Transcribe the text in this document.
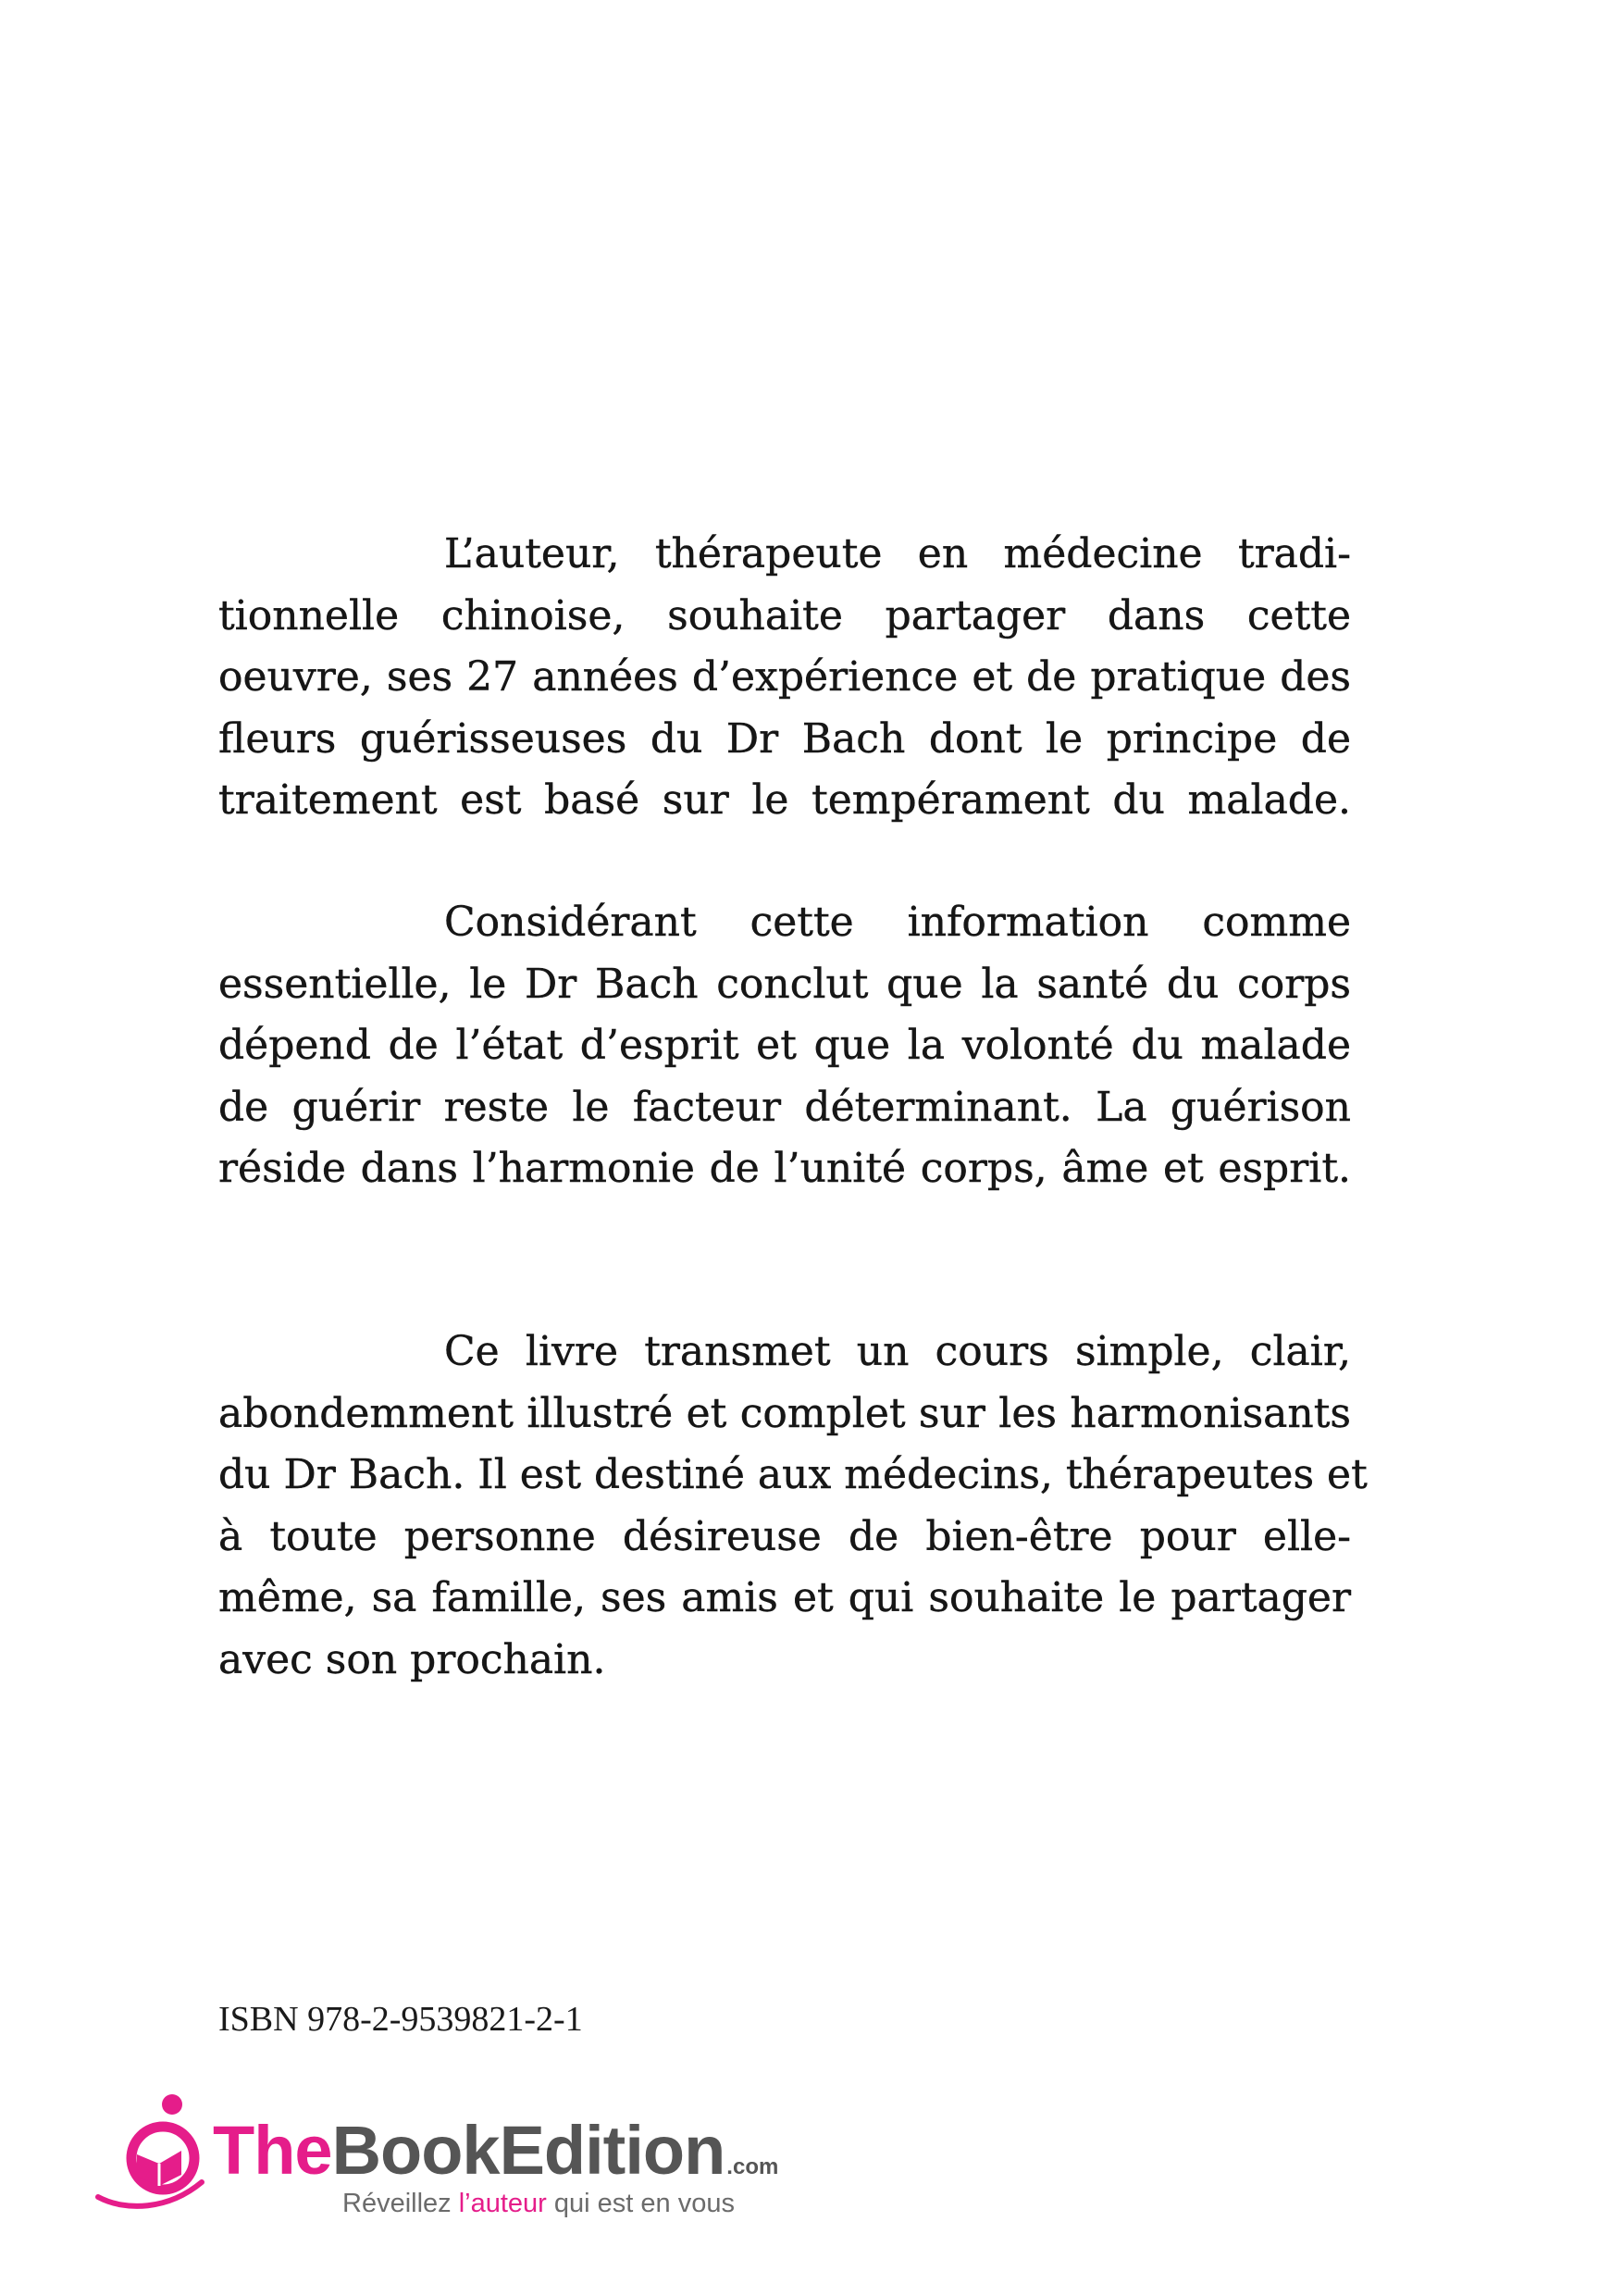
L’auteur, thérapeute en médecine tradi-
tionnelle chinoise, souhaite partager dans cette
oeuvre, ses 27 années d’expérience et de pratique des
fleurs guérisseuses du Dr Bach dont le principe de
traitement est basé sur le tempérament du malade.
Considérant cette information comme
essentielle, le Dr Bach conclut que la santé du corps
dépend de l’état d’esprit et que la volonté du malade
de guérir reste le facteur déterminant. La guérison
réside dans l’harmonie de l’unité corps, âme et esprit.
Ce livre transmet un cours simple, clair,
abondemment illustré et complet sur les harmonisants
du Dr Bach. Il est destiné aux médecins, thérapeutes et
à toute personne désireuse de bien-être pour elle-
même, sa famille, ses amis et qui souhaite le partager
avec son prochain.
ISBN 978-2-9539821-2-1
TheBookEdition.com
Réveillez l’auteur qui est en vous
